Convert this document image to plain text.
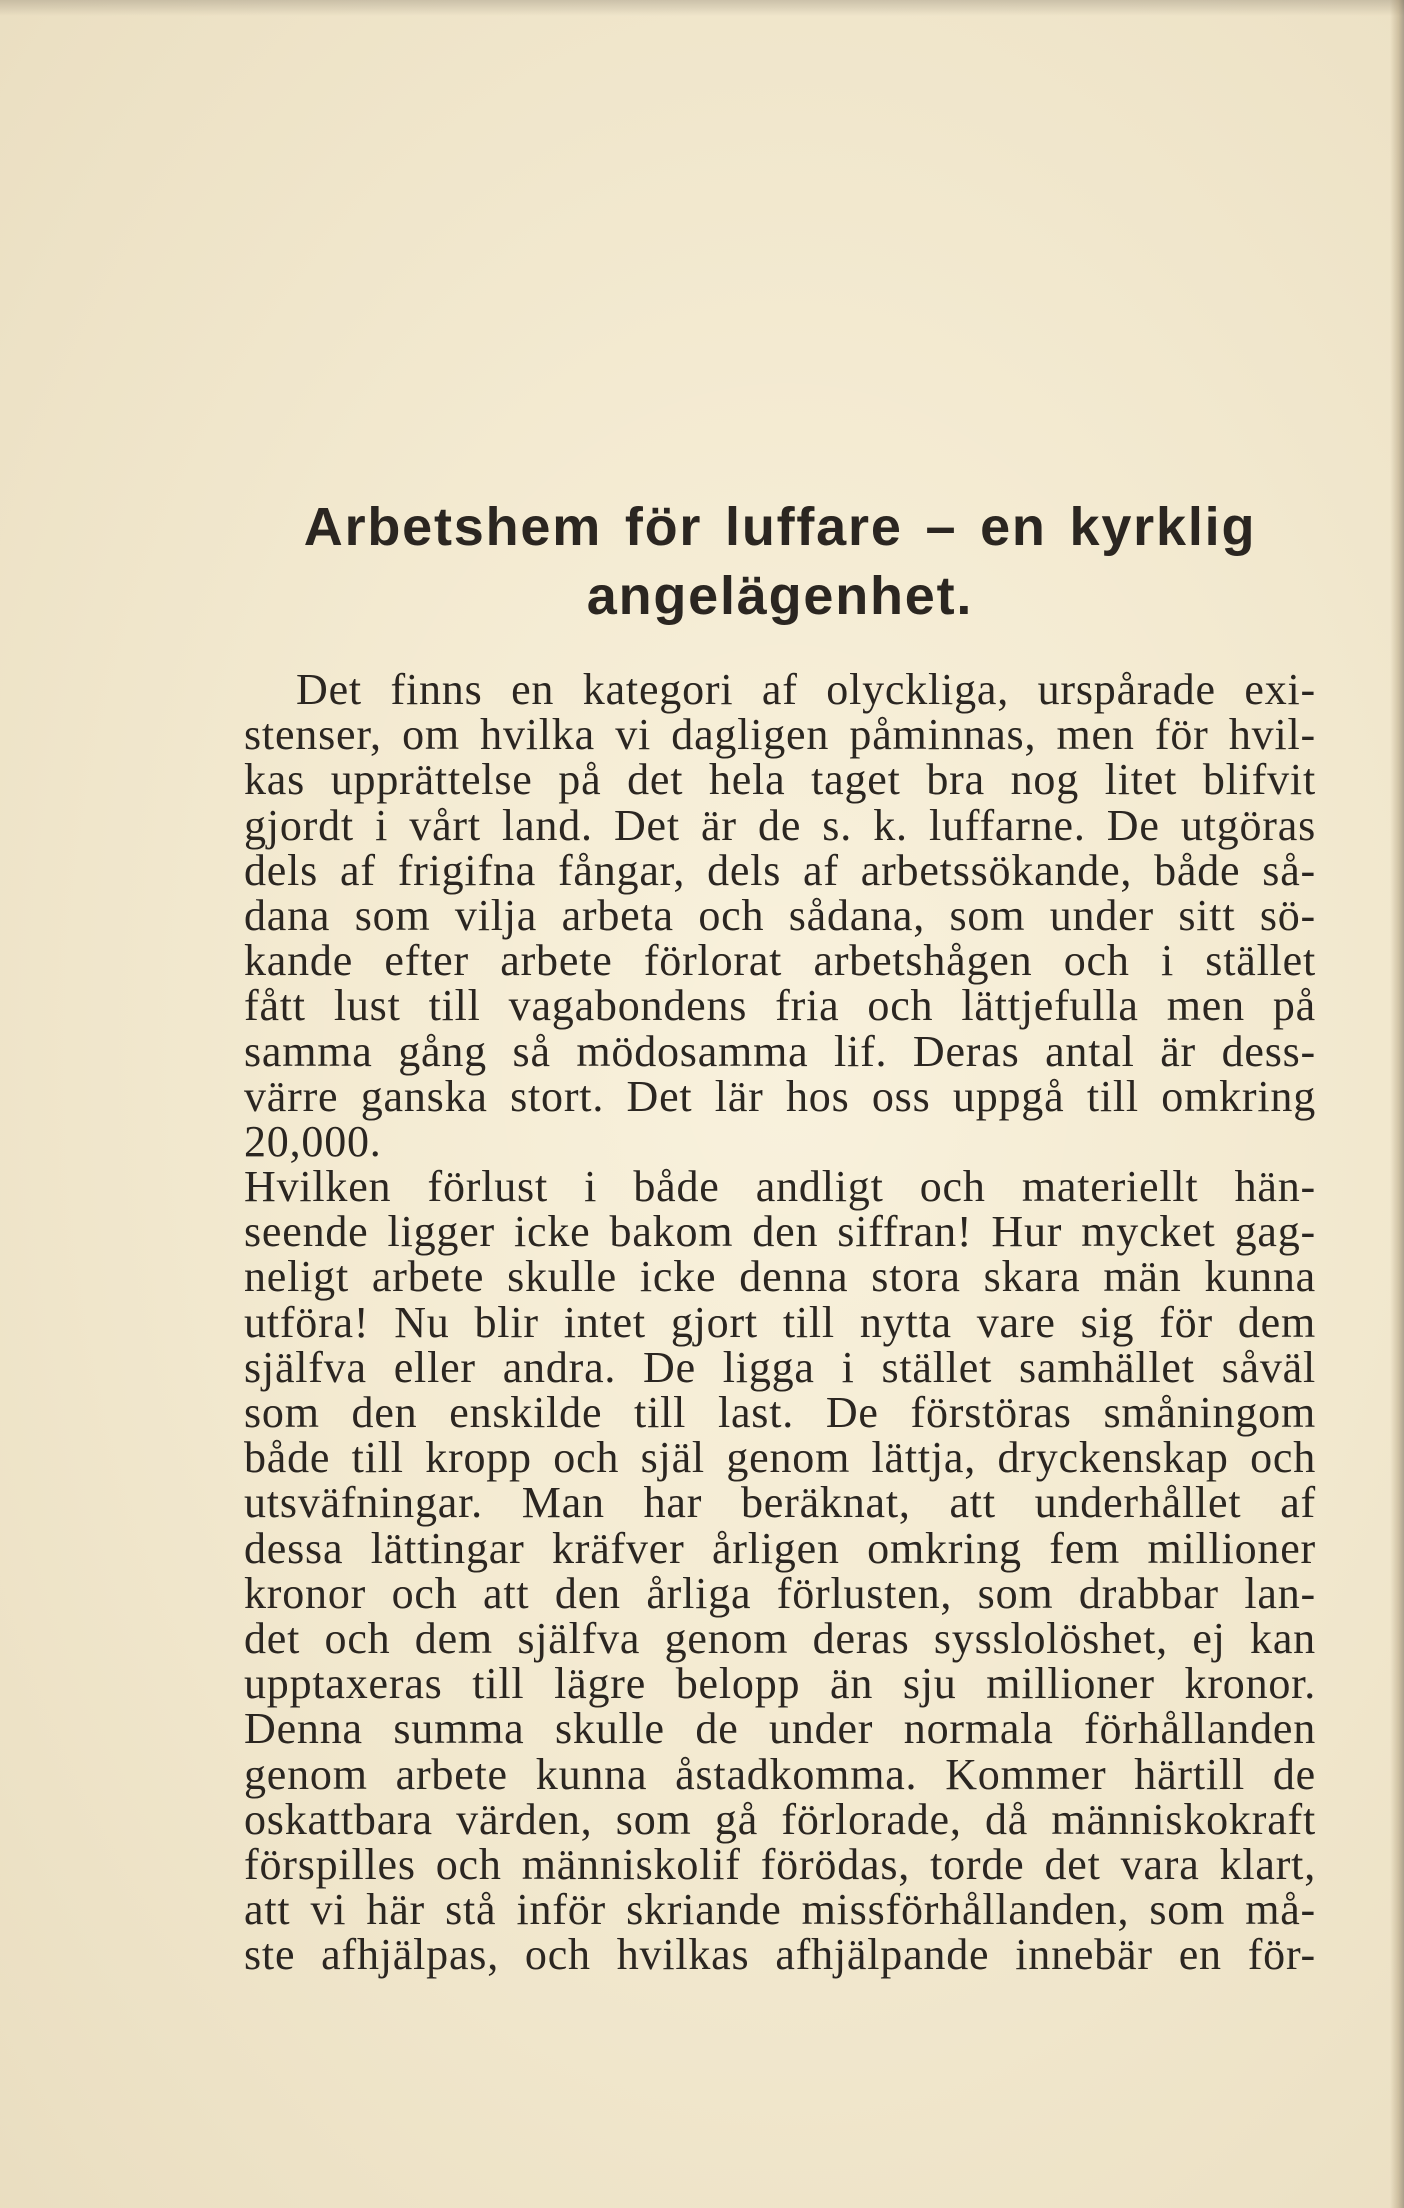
Arbetshem för luffare – en kyrklig
angelägenhet.
Det finns en kategori af olyckliga, urspårade exi-
stenser, om hvilka vi dagligen påminnas, men för hvil-
kas upprättelse på det hela taget bra nog litet blifvit
gjordt i vårt land. Det är de s. k. luffarne. De utgöras
dels af frigifna fångar, dels af arbetssökande, både så-
dana som vilja arbeta och sådana, som under sitt sö-
kande efter arbete förlorat arbetshågen och i stället
fått lust till vagabondens fria och lättjefulla men på
samma gång så mödosamma lif. Deras antal är dess-
värre ganska stort. Det lär hos oss uppgå till omkring
20,000.
Hvilken förlust i både andligt och materiellt hän-
seende ligger icke bakom den siffran! Hur mycket gag-
neligt arbete skulle icke denna stora skara män kunna
utföra! Nu blir intet gjort till nytta vare sig för dem
själfva eller andra. De ligga i stället samhället såväl
som den enskilde till last. De förstöras småningom
både till kropp och själ genom lättja, dryckenskap och
utsväfningar. Man har beräknat, att underhållet af
dessa lättingar kräfver årligen omkring fem millioner
kronor och att den årliga förlusten, som drabbar lan-
det och dem själfva genom deras sysslolöshet, ej kan
upptaxeras till lägre belopp än sju millioner kronor.
Denna summa skulle de under normala förhållanden
genom arbete kunna åstadkomma. Kommer härtill de
oskattbara värden, som gå förlorade, då människokraft
förspilles och människolif förödas, torde det vara klart,
att vi här stå inför skriande missförhållanden, som må-
ste afhjälpas, och hvilkas afhjälpande innebär en för-
